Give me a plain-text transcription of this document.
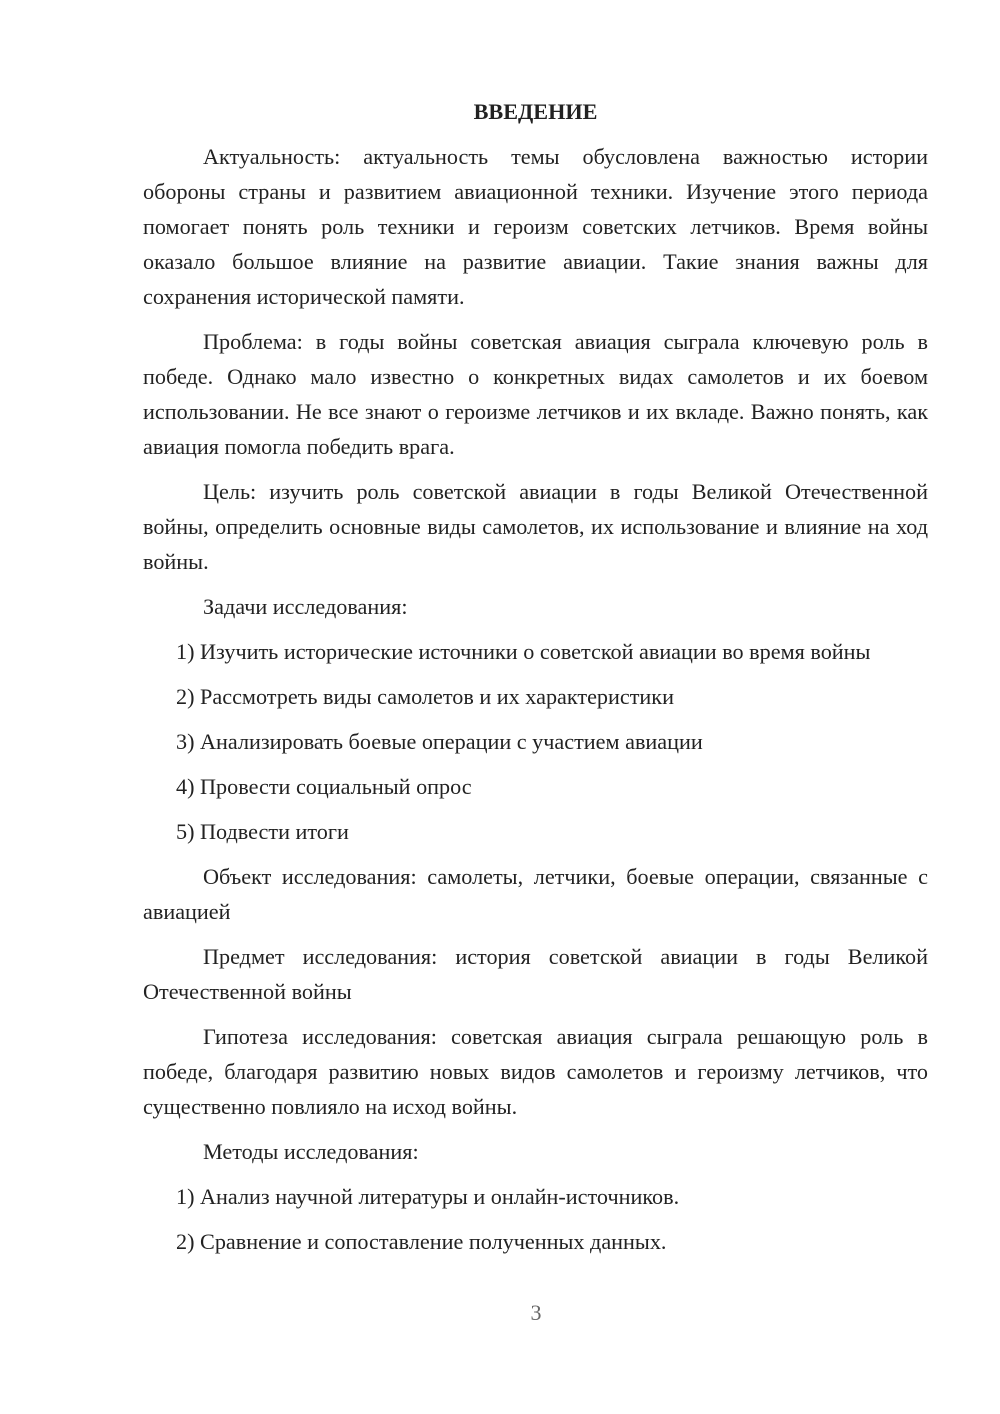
ВВЕДЕНИЕ

Актуальность: актуальность темы обусловлена важностью истории обороны страны и развитием авиационной техники. Изучение этого периода помогает понять роль техники и героизм советских летчиков. Время войны оказало большое влияние на развитие авиации. Такие знания важны для сохранения исторической памяти.

Проблема: в годы войны советская авиация сыграла ключевую роль в победе. Однако мало известно о конкретных видах самолетов и их боевом использовании. Не все знают о героизме летчиков и их вкладе. Важно понять, как авиация помогла победить врага.

Цель: изучить роль советской авиации в годы Великой Отечественной войны, определить основные виды самолетов, их использование и влияние на ход войны.

Задачи исследования:

1) Изучить исторические источники о советской авиации во время войны

2) Рассмотреть виды самолетов и их характеристики

3) Анализировать боевые операции с участием авиации

4) Провести социальный опрос

5) Подвести итоги

Объект исследования: самолеты, летчики, боевые операции, связанные с авиацией

Предмет исследования: история советской авиации в годы Великой Отечественной войны

Гипотеза исследования: советская авиация сыграла решающую роль в победе, благодаря развитию новых видов самолетов и героизму летчиков, что существенно повлияло на исход войны.

Методы исследования:

1) Анализ научной литературы и онлайн-источников.

2) Сравнение и сопоставление полученных данных.

3
